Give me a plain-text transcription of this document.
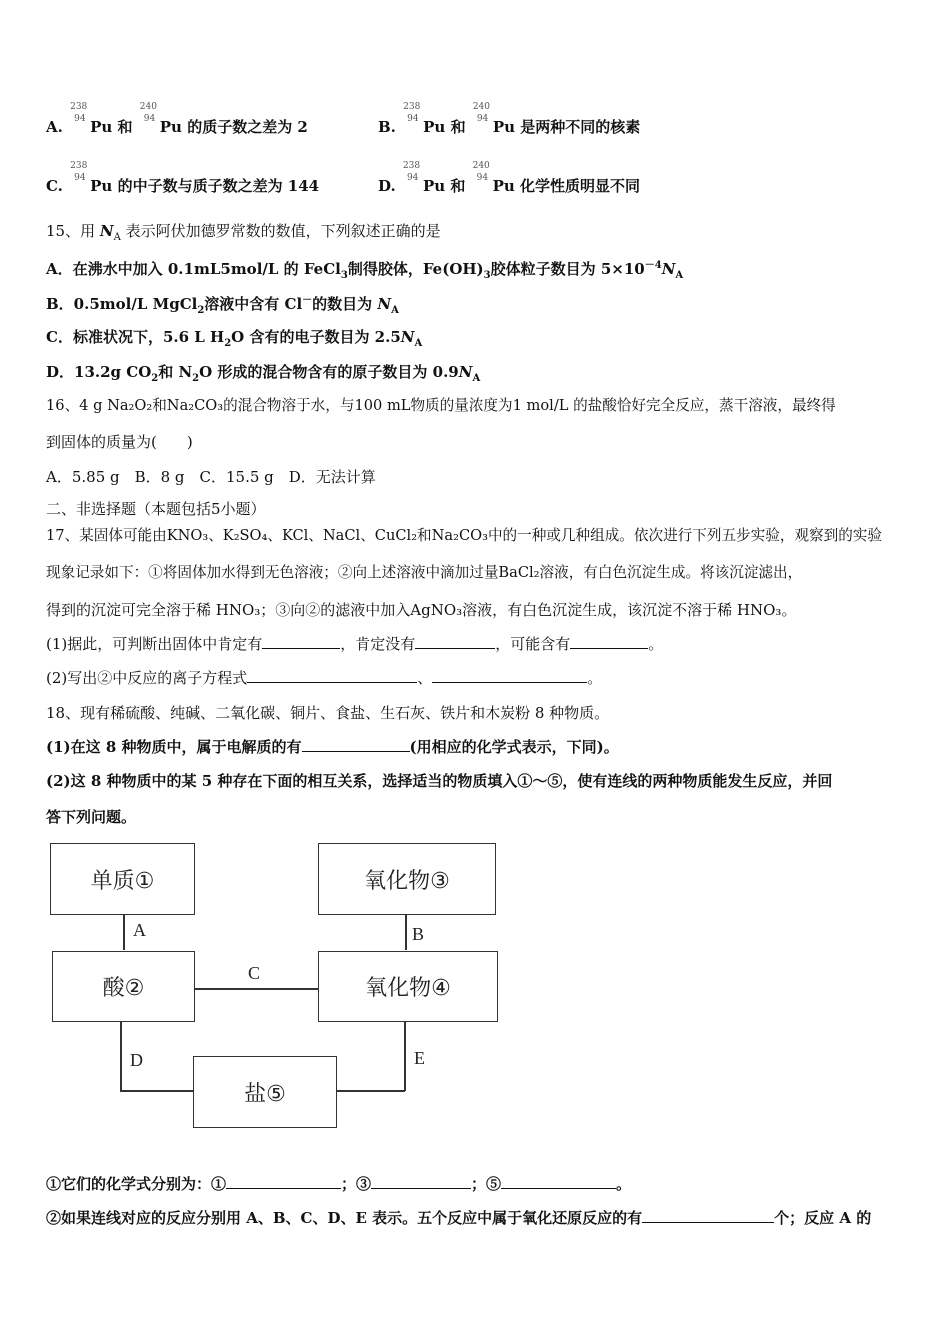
A.
238
94 Pu 和
240
94 Pu 的质子数之差为 2	B.
238
94 Pu 和
240
94 Pu 是两种不同的核素
C.
238
94 Pu 的中子数与质子数之差为 144	D.
238
94 Pu 和
240
94 Pu 化学性质明显不同
15、用 $N_A$ 表示阿伏加德罗常数的数值，下列叙述正确的是
A．在沸水中加入 0.1mL5mol/L 的 FeCl$_3$制得胶体，$Fe(OH)_3$胶体粒子数目为 $5\times 10^{-4}N_A$
B．0.5mol/L MgCl$_2$溶液中含有 Cl－的数目为 $N_A$
C．标准状况下，5.6 L $H_2O$ 含有的电子数目为 $2.5N_A$
D．13.2g $CO_2$和 $N_2O$ 形成的混合物含有的原子数目为 $0.9N_A$
16、4 g Na₂O₂和Na₂CO₃的混合物溶于水，与100 mL物质的量浓度为1 mol/L 的盐酸恰好完全反应，蒸干溶液，最终得
到固体的质量为(　　)
A．5.85 g　B．8 g　C．15.5 g　D．无法计算
二、非选择题（本题包括5小题）
17、某固体可能由KNO₃、K₂SO₄、KCl、NaCl、CuCl₂和Na₂CO₃中的一种或几种组成。依次进行下列五步实验，观察到的实验
现象记录如下：①将固体加水得到无色溶液；②向上述溶液中滴加过量BaCl₂溶液，有白色沉淀生成。将该沉淀滤出，
得到的沉淀可完全溶于稀 HNO₃；③向②的滤液中加入AgNO₃溶液，有白色沉淀生成，该沉淀不溶于稀 HNO₃。
(1)据此，可判断出固体中肯定有	，肯定没有	，可能含有	。
(2)写出②中反应的离子方程式	、	。
18、现有稀硫酸、纯碱、二氧化碳、铜片、食盐、生石灰、铁片和木炭粉 8 种物质。
(1)在这 8 种物质中，属于电解质的有	(用相应的化学式表示，下同)。
(2)这 8 种物质中的某 5 种存在下面的相互关系，选择适当的物质填入①～⑤，使有连线的两种物质能发生反应，并回
答下列问题。
单质①	氧化物③
酸②	氧化物④
盐⑤
A	B
C
D	E
①它们的化学式分别为：①	；③	；⑤	。
②如果连线对应的反应分别用 A、B、C、D、E 表示。五个反应中属于氧化还原反应的有	个；反应 A 的
